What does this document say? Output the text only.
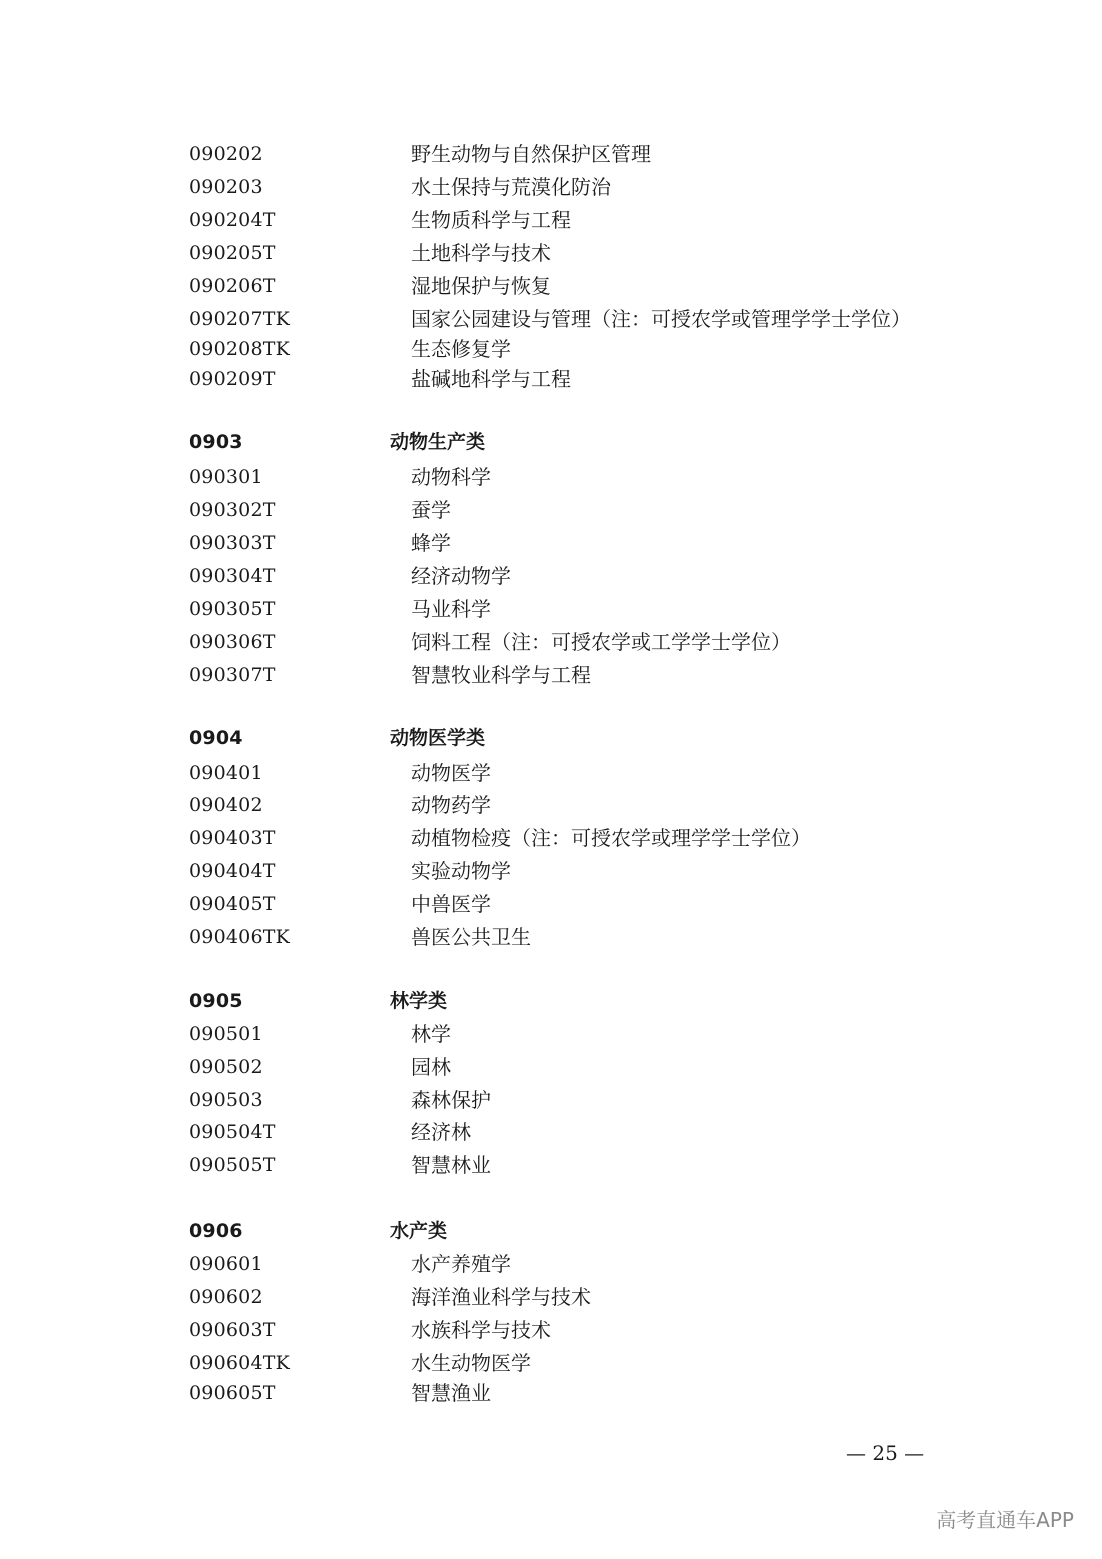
090202	野生动物与自然保护区管理
090203	水土保持与荒漠化防治
090204T	生物质科学与工程
090205T	土地科学与技术
090206T	湿地保护与恢复
090207TK	国家公园建设与管理（注：可授农学或管理学学士学位）
090208TK	生态修复学
090209T	盐碱地科学与工程
0903	动物生产类
090301	动物科学
090302T	蚕学
090303T	蜂学
090304T	经济动物学
090305T	马业科学
090306T	饲料工程（注：可授农学或工学学士学位）
090307T	智慧牧业科学与工程
0904	动物医学类
090401	动物医学
090402	动物药学
090403T	动植物检疫（注：可授农学或理学学士学位）
090404T	实验动物学
090405T	中兽医学
090406TK	兽医公共卫生
0905	林学类
090501	林学
090502	园林
090503	森林保护
090504T	经济林
090505T	智慧林业
0906	水产类
090601	水产养殖学
090602	海洋渔业科学与技术
090603T	水族科学与技术
090604TK	水生动物医学
090605T	智慧渔业
— 25 —
高考直通车APP
